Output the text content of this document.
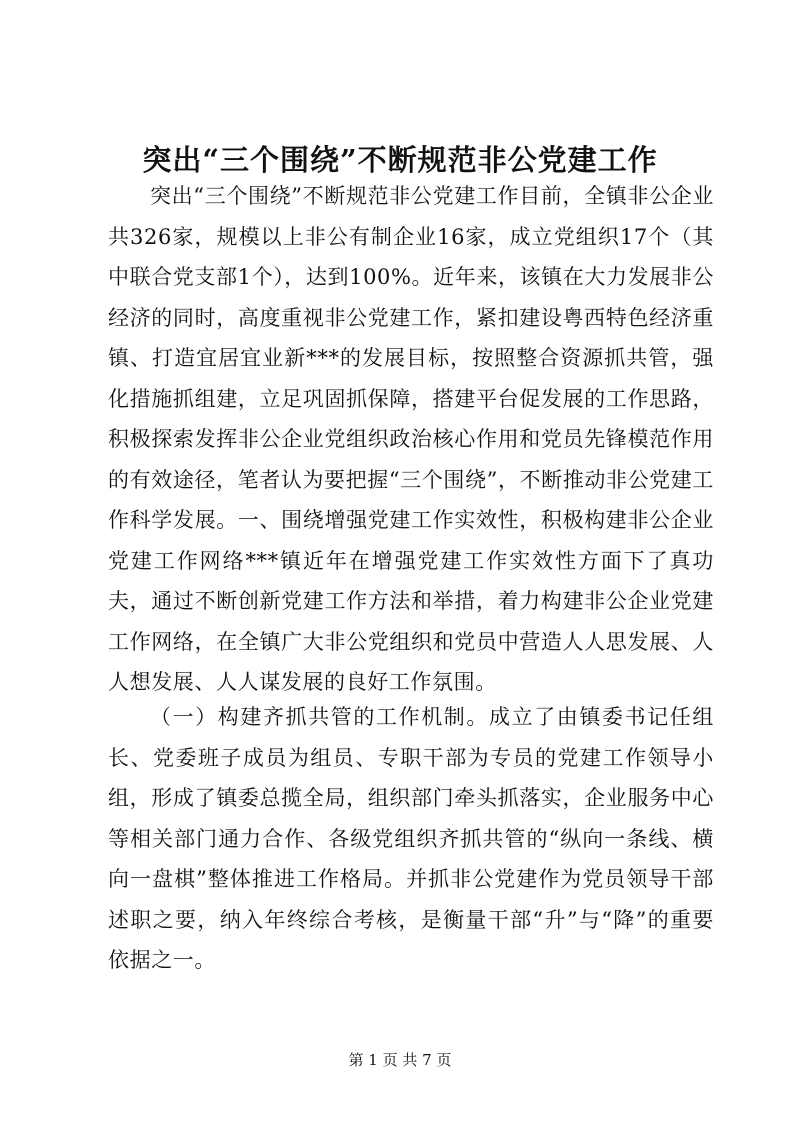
突出“三个围绕”不断规范非公党建工作

突出“三个围绕”不断规范非公党建工作目前，全镇非公企业共326家，规模以上非公有制企业16家，成立党组织17个（其中联合党支部1个），达到100%。近年来，该镇在大力发展非公经济的同时，高度重视非公党建工作，紧扣建设粤西特色经济重镇、打造宜居宜业新***的发展目标，按照整合资源抓共管，强化措施抓组建，立足巩固抓保障，搭建平台促发展的工作思路，积极探索发挥非公企业党组织政治核心作用和党员先锋模范作用的有效途径，笔者认为要把握“三个围绕”，不断推动非公党建工作科学发展。一、围绕增强党建工作实效性，积极构建非公企业党建工作网络***镇近年在增强党建工作实效性方面下了真功夫，通过不断创新党建工作方法和举措，着力构建非公企业党建工作网络，在全镇广大非公党组织和党员中营造人人思发展、人人想发展、人人谋发展的良好工作氛围。

（一）构建齐抓共管的工作机制。成立了由镇委书记任组长、党委班子成员为组员、专职干部为专员的党建工作领导小组，形成了镇委总揽全局，组织部门牵头抓落实，企业服务中心等相关部门通力合作、各级党组织齐抓共管的“纵向一条线、横向一盘棋”整体推进工作格局。并抓非公党建作为党员领导干部述职之要，纳入年终综合考核，是衡量干部“升”与“降”的重要依据之一。

第 1 页 共 7 页
